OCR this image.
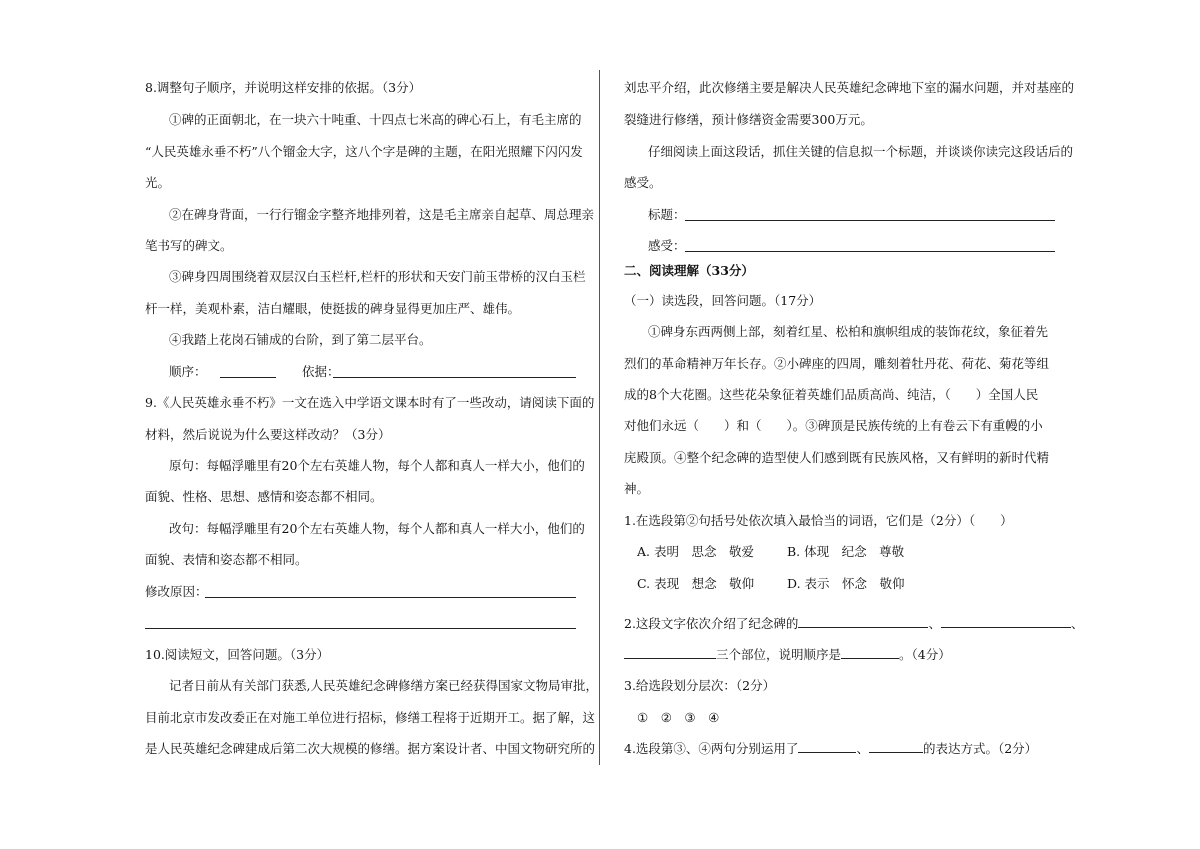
8.调整句子顺序，并说明这样安排的依据。（3分）
①碑的正面朝北，在一块六十吨重、十四点七米高的碑心石上，有毛主席的
“人民英雄永垂不朽”八个镏金大字，这八个字是碑的主题，在阳光照耀下闪闪发
光。
②在碑身背面，一行行镏金字整齐地排列着，这是毛主席亲自起草、周总理亲
笔书写的碑文。
③碑身四周围绕着双层汉白玉栏杆,栏杆的形状和天安门前玉带桥的汉白玉栏
杆一样，美观朴素，洁白耀眼，使挺拔的碑身显得更加庄严、雄伟。
④我踏上花岗石铺成的台阶，到了第二层平台。
顺序：	依据：
9.《人民英雄永垂不朽》一文在选入中学语文课本时有了一些改动，请阅读下面的
材料，然后说说为什么要这样改动？（3分）
原句：每幅浮雕里有20个左右英雄人物，每个人都和真人一样大小，他们的
面貌、性格、思想、感情和姿态都不相同。
改句：每幅浮雕里有20个左右英雄人物，每个人都和真人一样大小，他们的
面貌、表情和姿态都不相同。
修改原因：
10.阅读短文，回答问题。（3分）
记者日前从有关部门获悉,人民英雄纪念碑修缮方案已经获得国家文物局审批，
目前北京市发改委正在对施工单位进行招标，修缮工程将于近期开工。据了解，这
是人民英雄纪念碑建成后第二次大规模的修缮。据方案设计者、中国文物研究所的
刘忠平介绍，此次修缮主要是解决人民英雄纪念碑地下室的漏水问题，并对基座的
裂缝进行修缮，预计修缮资金需要300万元。
仔细阅读上面这段话，抓住关键的信息拟一个标题，并谈谈你读完这段话后的
感受。
标题：
感受：
二、阅读理解（33分）
（一）读选段，回答问题。（17分）
①碑身东西两侧上部，刻着红星、松柏和旗帜组成的装饰花纹，象征着先
烈们的革命精神万年长存。②小碑座的四周，雕刻着牡丹花、荷花、菊花等组
成的8个大花圈。这些花朵象征着英雄们品质高尚、纯洁，（　　）全国人民
对他们永远（　　）和（　　）。③碑顶是民族传统的上有卷云下有重幔的小
庑殿顶。④整个纪念碑的造型使人们感到既有民族风格，又有鲜明的新时代精
神。
1.在选段第②句括号处依次填入最恰当的词语，它们是（2分）（　　）
A. 表明　思念　敬爱	B. 体现　纪念　尊敬
C. 表现　想念　敬仰	D. 表示　怀念　敬仰
2.这段文字依次介绍了纪念碑的	、	、
三个部位，说明顺序是	。（4分）
3.给选段划分层次：（2分）
①　②　③　④
4.选段第③、④两句分别运用了	、	的表达方式。（2分）
